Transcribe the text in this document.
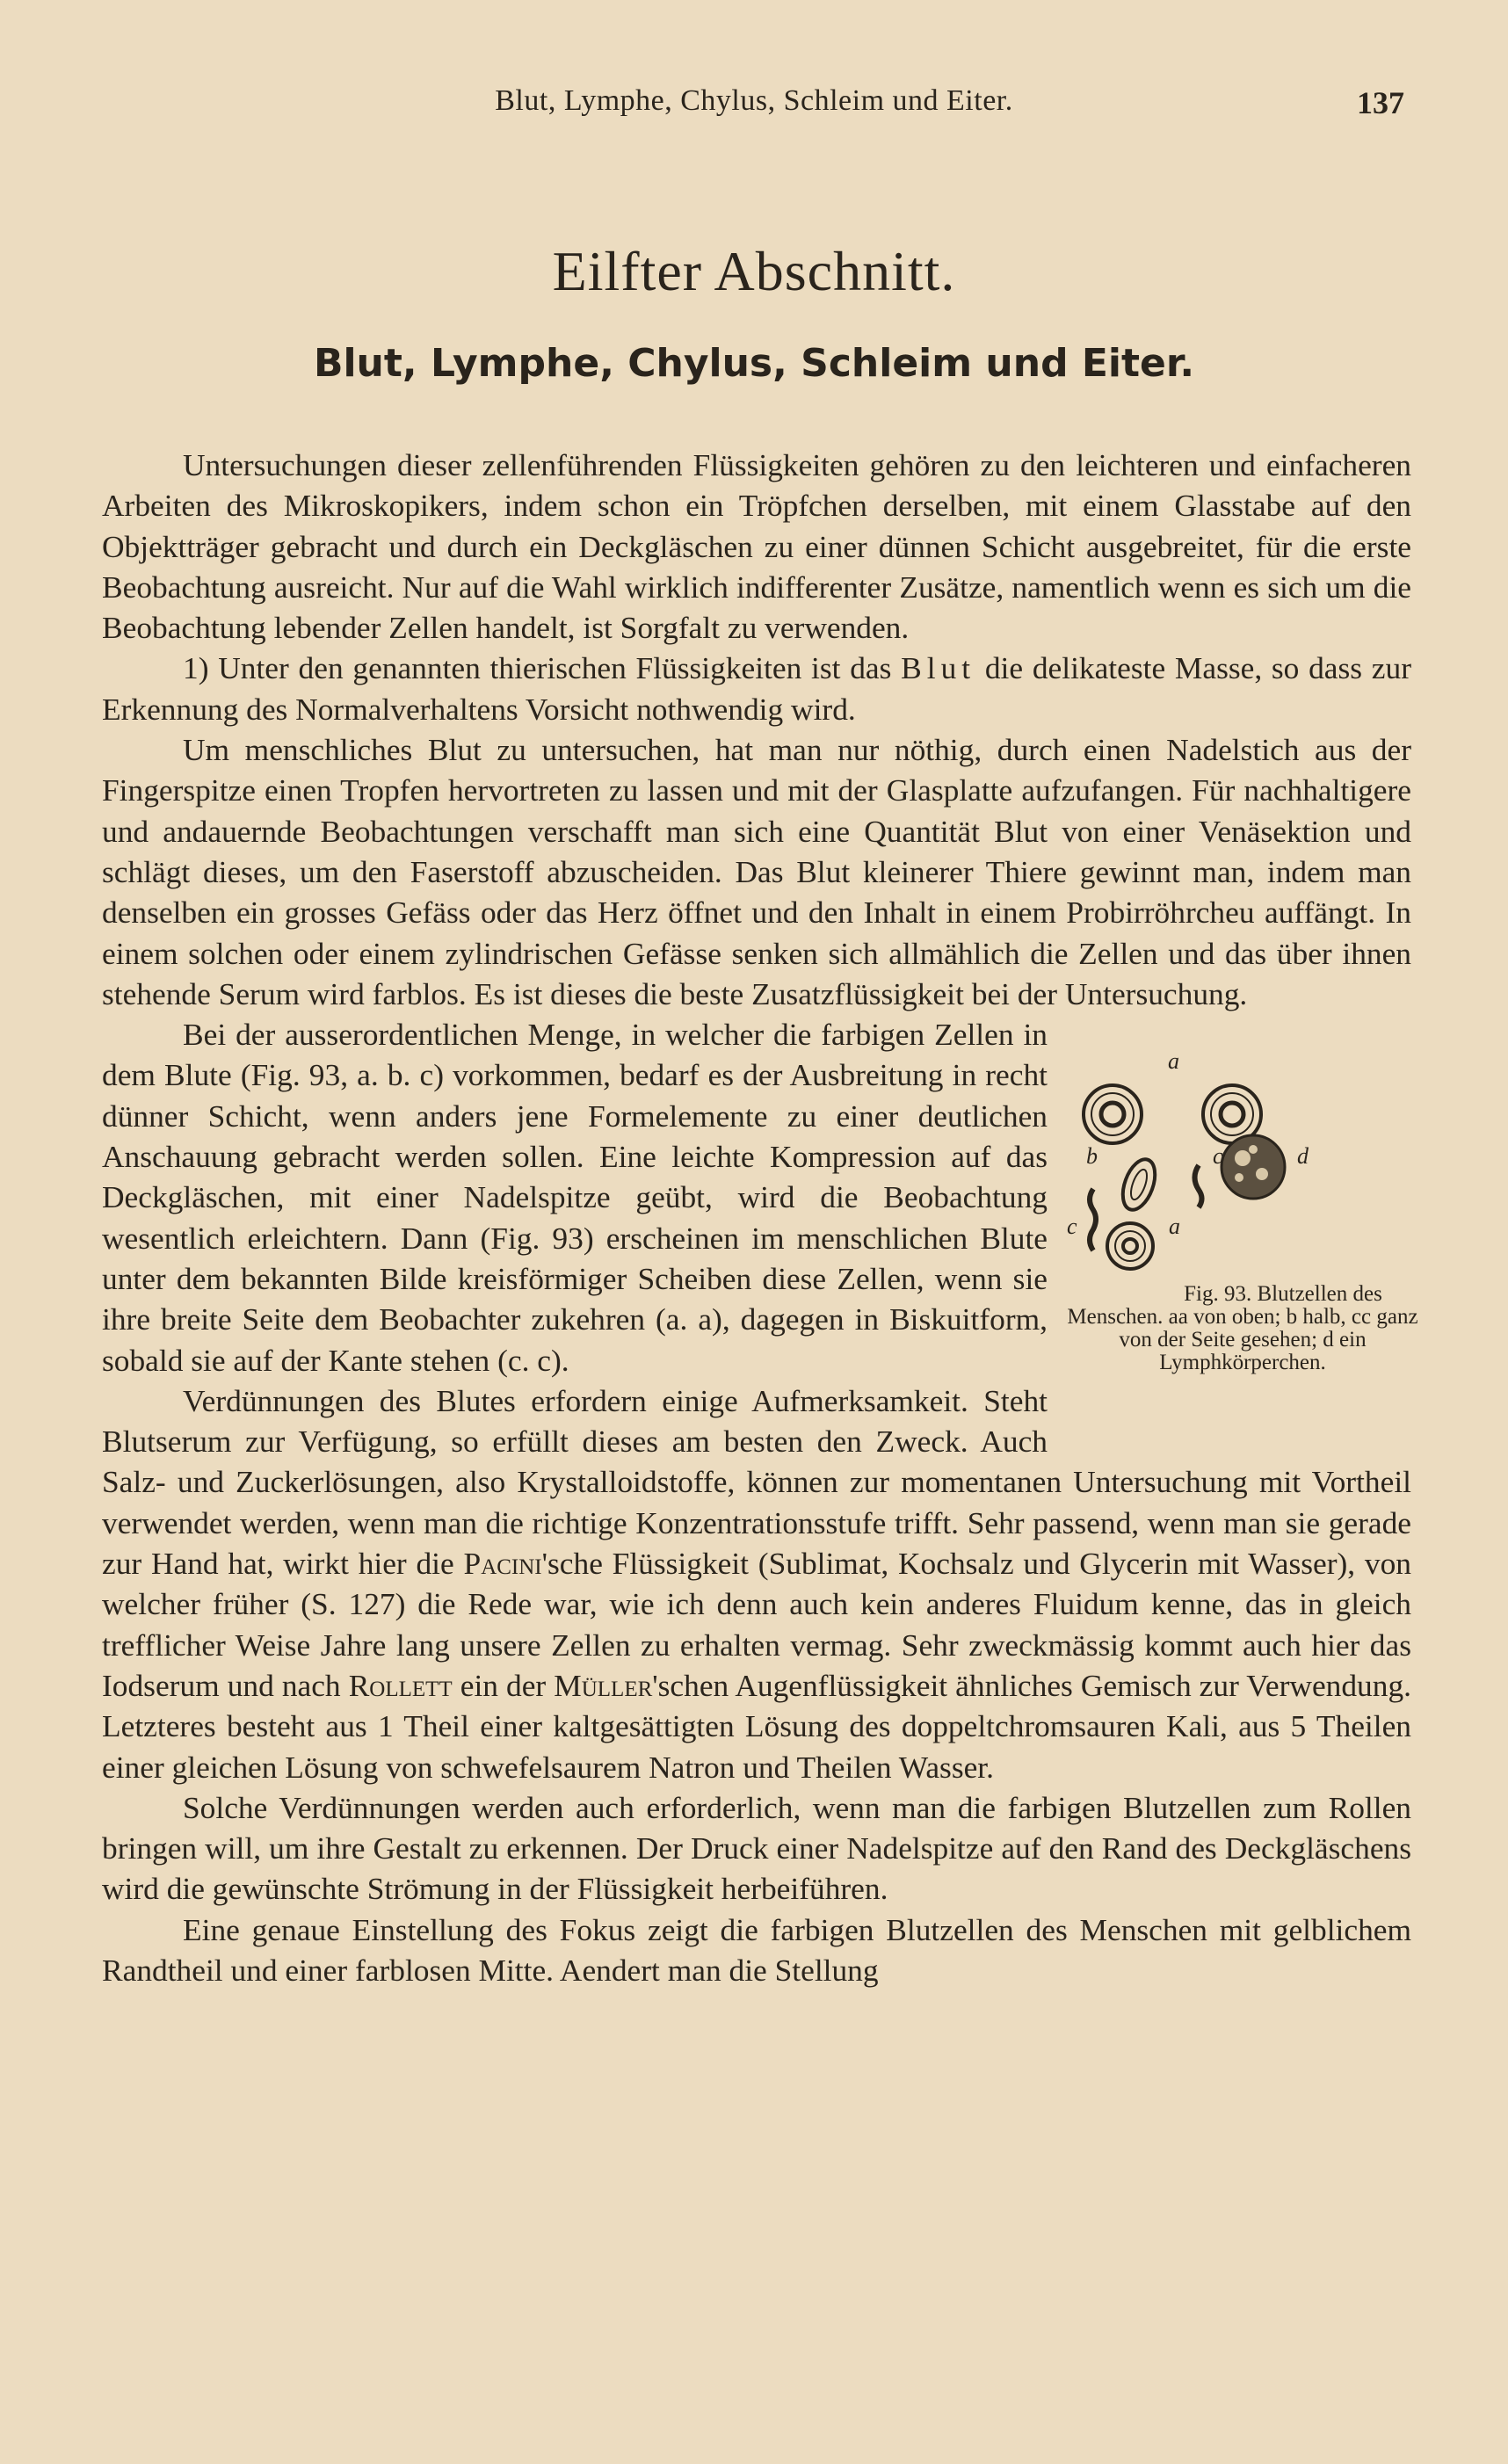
Blut, Lymphe, Chylus, Schleim und Eiter.	137
Eilfter Abschnitt.
Blut, Lymphe, Chylus, Schleim und Eiter.

Untersuchungen dieser zellenführenden Flüssigkeiten gehören zu den leichteren und einfacheren Arbeiten des Mikroskopikers, indem schon ein Tröpfchen derselben, mit einem Glasstabe auf den Objektträger gebracht und durch ein Deckgläschen zu einer dünnen Schicht ausgebreitet, für die erste Beobachtung ausreicht. Nur auf die Wahl wirklich indifferenter Zusätze, namentlich wenn es sich um die Beobachtung lebender Zellen handelt, ist Sorgfalt zu verwenden.

1) Unter den genannten thierischen Flüssigkeiten ist das Blut die delikateste Masse, so dass zur Erkennung des Normalverhaltens Vorsicht nothwendig wird.

Um menschliches Blut zu untersuchen, hat man nur nöthig, durch einen Nadelstich aus der Fingerspitze einen Tropfen hervortreten zu lassen und mit der Glasplatte aufzufangen. Für nachhaltigere und andauernde Beobachtungen verschafft man sich eine Quantität Blut von einer Venäsektion und schlägt dieses, um den Faserstoff abzuscheiden. Das Blut kleinerer Thiere gewinnt man, indem man denselben ein grosses Gefäss oder das Herz öffnet und den Inhalt in einem Probirröhrcheu auffängt. In einem solchen oder einem zylindrischen Gefässe senken sich allmählich die Zellen und das über ihnen stehende Serum wird farblos. Es ist dieses die beste Zusatzflüssigkeit bei der Untersuchung.

a
b	c	d
c	a
Fig. 93. Blutzellen des Menschen. aa von oben; b halb, cc ganz von der Seite gesehen; d ein Lymphkörperchen.
Bei der ausserordentlichen Menge, in welcher die farbigen Zellen in dem Blute (Fig. 93, a. b. c) vorkommen, bedarf es der Ausbreitung in recht dünner Schicht, wenn anders jene Formelemente zu einer deutlichen Anschauung gebracht werden sollen. Eine leichte Kompression auf das Deckgläschen, mit einer Nadelspitze geübt, wird die Beobachtung wesentlich erleichtern. Dann (Fig. 93) erscheinen im menschlichen Blute unter dem bekannten Bilde kreisförmiger Scheiben diese Zellen, wenn sie ihre breite Seite dem Beobachter zukehren (a. a), dagegen in Biskuitform, sobald sie auf der Kante stehen (c. c).

Verdünnungen des Blutes erfordern einige Aufmerksamkeit. Steht Blutserum zur Verfügung, so erfüllt dieses am besten den Zweck. Auch Salz- und Zuckerlösungen, also Krystalloidstoffe, können zur momentanen Untersuchung mit Vortheil verwendet werden, wenn man die richtige Konzentrationsstufe trifft. Sehr passend, wenn man sie gerade zur Hand hat, wirkt hier die Pacini'sche Flüssigkeit (Sublimat, Kochsalz und Glycerin mit Wasser), von welcher früher (S. 127) die Rede war, wie ich denn auch kein anderes Fluidum kenne, das in gleich trefflicher Weise Jahre lang unsere Zellen zu erhalten vermag. Sehr zweckmässig kommt auch hier das Iodserum und nach Rollett ein der Müller'schen Augenflüssigkeit ähnliches Gemisch zur Verwendung. Letzteres besteht aus 1 Theil einer kaltgesättigten Lösung des doppeltchromsauren Kali, aus 5 Theilen einer gleichen Lösung von schwefelsaurem Natron und Theilen Wasser.

Solche Verdünnungen werden auch erforderlich, wenn man die farbigen Blutzellen zum Rollen bringen will, um ihre Gestalt zu erkennen. Der Druck einer Nadelspitze auf den Rand des Deckgläschens wird die gewünschte Strömung in der Flüssigkeit herbeiführen.

Eine genaue Einstellung des Fokus zeigt die farbigen Blutzellen des Menschen mit gelblichem Randtheil und einer farblosen Mitte. Aendert man die Stellung
